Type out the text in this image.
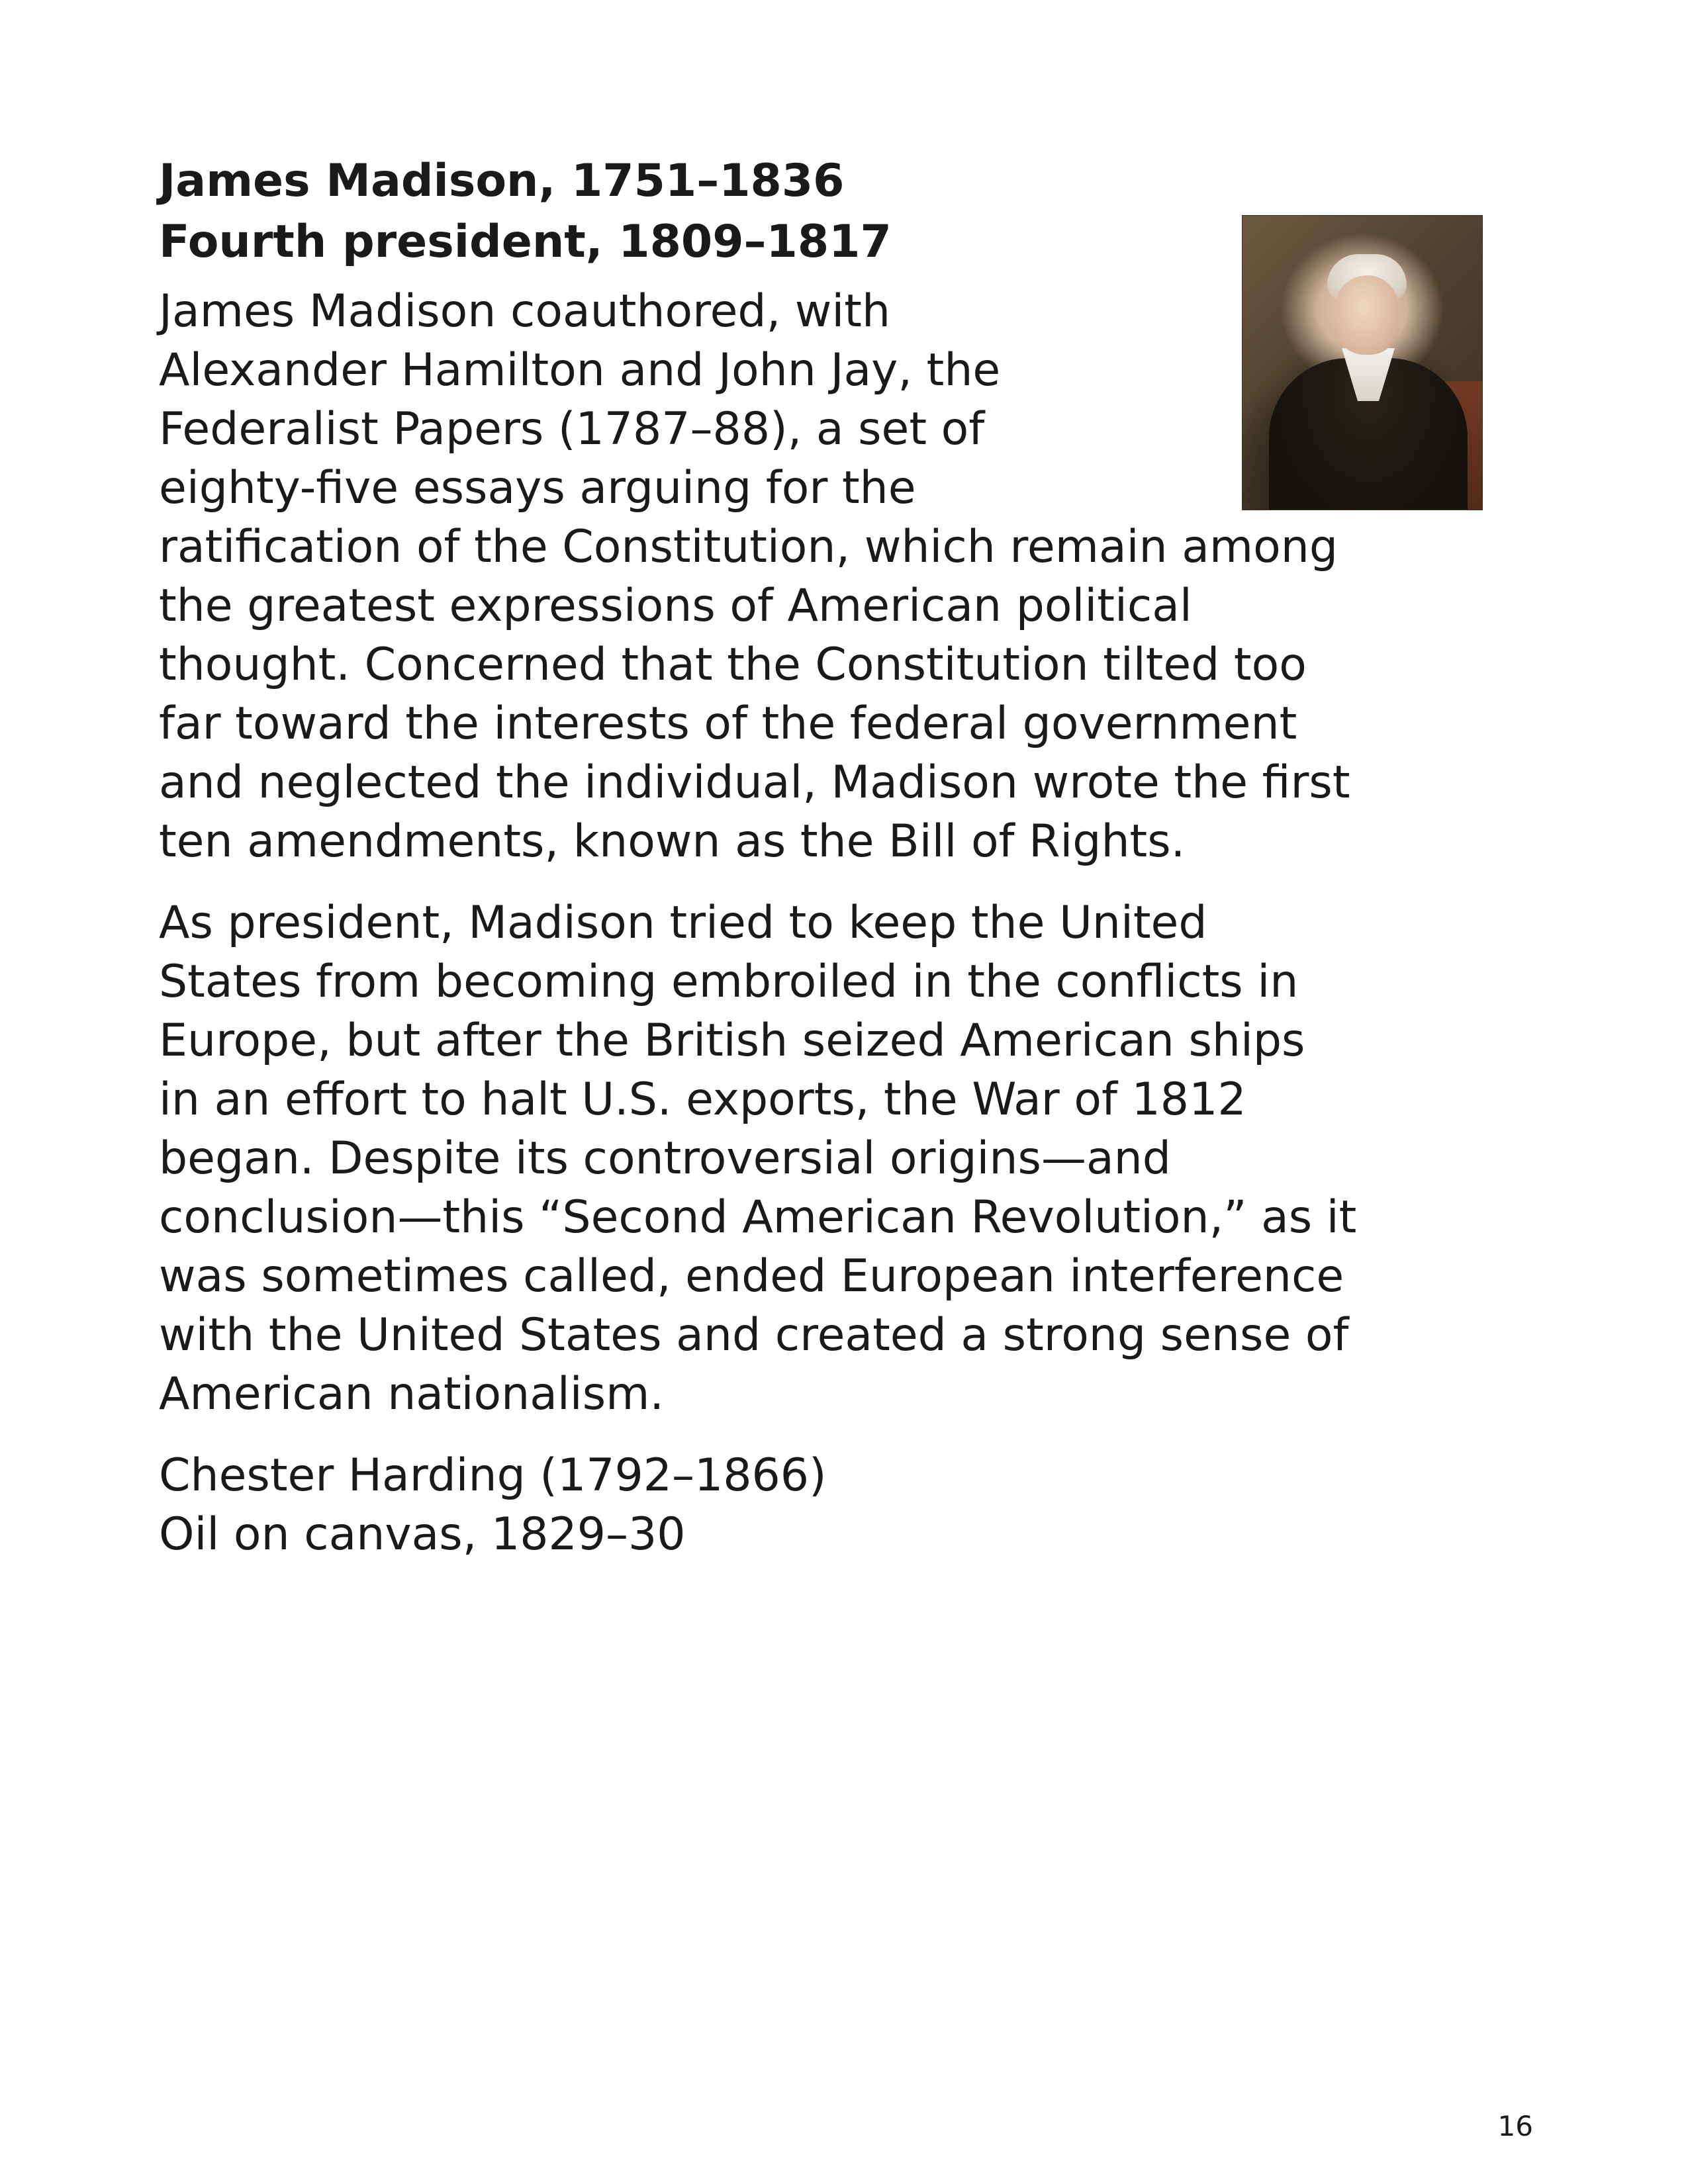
James Madison, 1751–1836
Fourth president, 1809–1817

James Madison coauthored, with
Alexander Hamilton and John Jay, the
Federalist Papers (1787–88), a set of
eighty-five essays arguing for the
ratification of the Constitution, which remain among
the greatest expressions of American political
thought. Concerned that the Constitution tilted too
far toward the interests of the federal government
and neglected the individual, Madison wrote the first
ten amendments, known as the Bill of Rights.

As president, Madison tried to keep the United
States from becoming embroiled in the conflicts in
Europe, but after the British seized American ships
in an effort to halt U.S. exports, the War of 1812
began. Despite its controversial origins—and
conclusion—this “Second American Revolution,” as it
was sometimes called, ended European interference
with the United States and created a strong sense of
American nationalism.

Chester Harding (1792–1866)
Oil on canvas, 1829–30

16
